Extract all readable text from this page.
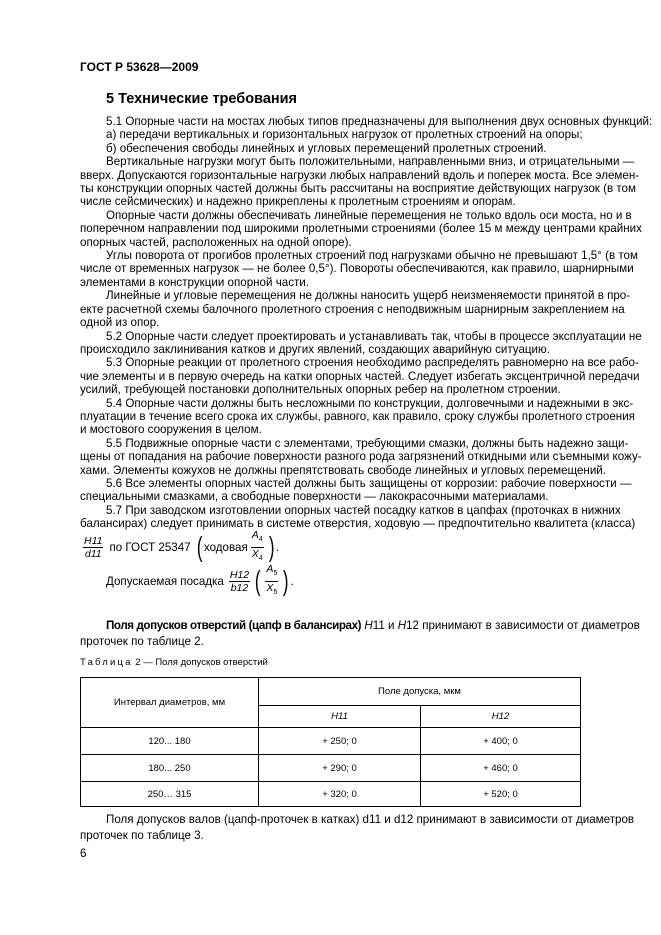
ГОСТ Р 53628—2009
5 Технические требования
5.1 Опорные части на мостах любых типов предназначены для выполнения двух основных функций:
а) передачи вертикальных и горизонтальных нагрузок от пролетных строений на опоры;
б) обеспечения свободы линейных и угловых перемещений пролетных строений.
Вертикальные нагрузки могут быть положительными, направленными вниз, и отрицательными —
вверх. Допускаются горизонтальные нагрузки любых направлений вдоль и поперек моста. Все элемен-
ты конструкции опорных частей должны быть рассчитаны на восприятие действующих нагрузок (в том
числе сейсмических) и надежно прикреплены к пролетным строениям и опорам.
Опорные части должны обеспечивать линейные перемещения не только вдоль оси моста, но и в
поперечном направлении под широкими пролетными строениями (более 15 м между центрами крайних
опорных частей, расположенных на одной опоре).
Углы поворота от прогибов пролетных строений под нагрузками обычно не превышают 1,5° (в том
числе от временных нагрузок — не более 0,5°). Повороты обеспечиваются, как правило, шарнирными
элементами в конструкции опорной части.
Линейные и угловые перемещения не должны наносить ущерб неизменяемости принятой в про-
екте расчетной схемы балочного пролетного строения с неподвижным шарнирным закреплением на
одной из опор.
5.2 Опорные части следует проектировать и устанавливать так, чтобы в процессе эксплуатации не
происходило заклинивания катков и других явлений, создающих аварийную ситуацию.
5.3 Опорные реакции от пролетного строения необходимо распределять равномерно на все рабо-
чие элементы и в первую очередь на катки опорных частей. Следует избегать эксцентричной передачи
усилий, требующей постановки дополнительных опорных ребер на пролетном строении.
5.4 Опорные части должны быть несложными по конструкции, долговечными и надежными в экс-
плуатации в течение всего срока их службы, равного, как правило, сроку службы пролетного строения
и мостового сооружения в целом.
5.5 Подвижные опорные части с элементами, требующими смазки, должны быть надежно защи-
щены от попадания на рабочие поверхности разного рода загрязнений откидными или съемными кожу-
хами. Элементы кожухов не должны препятствовать свободе линейных и угловых перемещений.
5.6 Все элементы опорных частей должны быть защищены от коррозии: рабочие поверхности —
специальными смазками, а свободные поверхности — лакокрасочными материалами.
5.7 При заводском изготовлении опорных частей посадку катков в цапфах (проточках в нижних
балансирах) следует принимать в системе отверстия, ходовую — предпочтительно квалитета (класса)
$\frac{H11}{d11}$ по ГОСТ 25347 ( ходовая $\frac{A_4}{X_4}$ ) .
Допускаемая посадка $\frac{H12}{b12}$ ( $\frac{A_5}{X_5}$ ) .
Поля допусков отверстий (цапф в балансирах) H11 и H12 принимают в зависимости от диаметров
проточек по таблице 2.
Таблица 2 — Поля допусков отверстий
Интервал диаметров, мм	Поле допуска, мкм	
	H11	H12
120... 180	+ 250; 0	+ 400; 0
180... 250	+ 290; 0	+ 460; 0
250… 315	+ 320; 0	+ 520; 0
Поля допусков валов (цапф-проточек в катках) d11 и d12 принимают в зависимости от диаметров
проточек по таблице 3.
6
